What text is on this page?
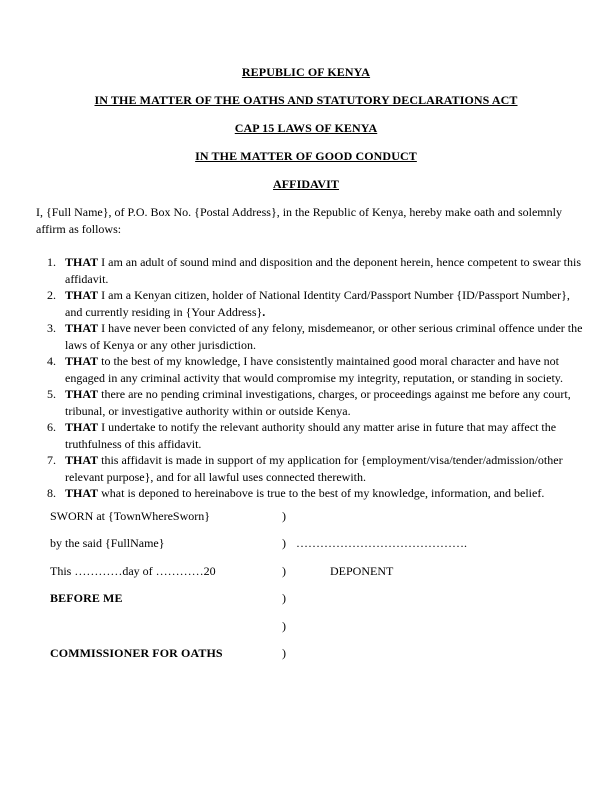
REPUBLIC OF KENYA
IN THE MATTER OF THE OATHS AND STATUTORY DECLARATIONS ACT
CAP 15 LAWS OF KENYA
IN THE MATTER OF GOOD CONDUCT
AFFIDAVIT

I, {Full Name}, of P.O. Box No. {Postal Address}, in the Republic of Kenya, hereby make oath and solemnly affirm as follows:

1. THAT I am an adult of sound mind and disposition and the deponent herein, hence competent to swear this affidavit.
2. THAT I am a Kenyan citizen, holder of National Identity Card/Passport Number {ID/Passport Number}, and currently residing in {Your Address}.
3. THAT I have never been convicted of any felony, misdemeanor, or other serious criminal offence under the laws of Kenya or any other jurisdiction.
4. THAT to the best of my knowledge, I have consistently maintained good moral character and have not engaged in any criminal activity that would compromise my integrity, reputation, or standing in society.
5. THAT there are no pending criminal investigations, charges, or proceedings against me before any court, tribunal, or investigative authority within or outside Kenya.
6. THAT I undertake to notify the relevant authority should any matter arise in future that may affect the truthfulness of this affidavit.
7. THAT this affidavit is made in support of my application for {employment/visa/tender/admission/other relevant purpose}, and for all lawful uses connected therewith.
8. THAT what is deponed to hereinabove is true to the best of my knowledge, information, and belief.
SWORN at {TownWhereSworn}	)
by the said {FullName}	) …………………………………….
This …………day of …………20	)	DEPONENT
BEFORE ME	)
)
COMMISSIONER FOR OATHS	)
